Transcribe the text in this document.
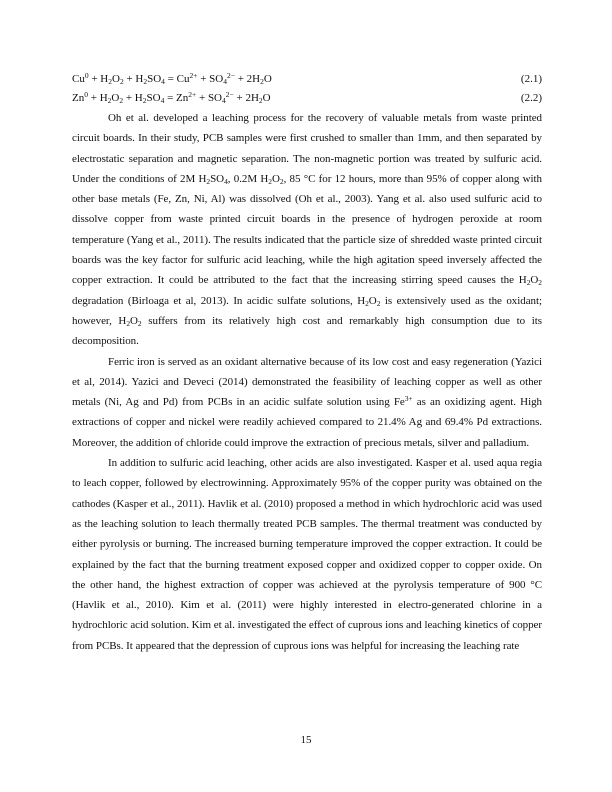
$Cu^0 + H_2O_2 + H_2SO_4 = Cu^{2+} + SO_4^{2-} + 2H_2O$	(2.1)
$Zn^0 + H_2O_2 + H_2SO_4 = Zn^{2+} + SO_4^{2-} + 2H_2O$	(2.2)

Oh et al. developed a leaching process for the recovery of valuable metals from waste printed circuit boards. In their study, PCB samples were first crushed to smaller than 1mm, and then separated by electrostatic separation and magnetic separation. The non-magnetic portion was treated by sulfuric acid. Under the conditions of 2M $H_2SO_4$, 0.2M $H_2O_2$, 85 °C for 12 hours, more than 95% of copper along with other base metals (Fe, Zn, Ni, Al) was dissolved (Oh et al., 2003). Yang et al. also used sulfuric acid to dissolve copper from waste printed circuit boards in the presence of hydrogen peroxide at room temperature (Yang et al., 2011). The results indicated that the particle size of shredded waste printed circuit boards was the key factor for sulfuric acid leaching, while the high agitation speed inversely affected the copper extraction. It could be attributed to the fact that the increasing stirring speed causes the $H_2O_2$ degradation (Birloaga et al, 2013). In acidic sulfate solutions, $H_2O_2$ is extensively used as the oxidant; however, $H_2O_2$ suffers from its relatively high cost and remarkably high consumption due to its decomposition.

Ferric iron is served as an oxidant alternative because of its low cost and easy regeneration (Yazici et al, 2014). Yazici and Deveci (2014) demonstrated the feasibility of leaching copper as well as other metals (Ni, Ag and Pd) from PCBs in an acidic sulfate solution using $Fe^{3+}$ as an oxidizing agent. High extractions of copper and nickel were readily achieved compared to 21.4% Ag and 69.4% Pd extractions. Moreover, the addition of chloride could improve the extraction of precious metals, silver and palladium.

In addition to sulfuric acid leaching, other acids are also investigated. Kasper et al. used aqua regia to leach copper, followed by electrowinning. Approximately 95% of the copper purity was obtained on the cathodes (Kasper et al., 2011). Havlik et al. (2010) proposed a method in which hydrochloric acid was used as the leaching solution to leach thermally treated PCB samples. The thermal treatment was conducted by either pyrolysis or burning. The increased burning temperature improved the copper extraction. It could be explained by the fact that the burning treatment exposed copper and oxidized copper to copper oxide. On the other hand, the highest extraction of copper was achieved at the pyrolysis temperature of 900 °C (Havlik et al., 2010). Kim et al. (2011) were highly interested in electro-generated chlorine in a hydrochloric acid solution. Kim et al. investigated the effect of cuprous ions and leaching kinetics of copper from PCBs. It appeared that the depression of cuprous ions was helpful for increasing the leaching rate

15
